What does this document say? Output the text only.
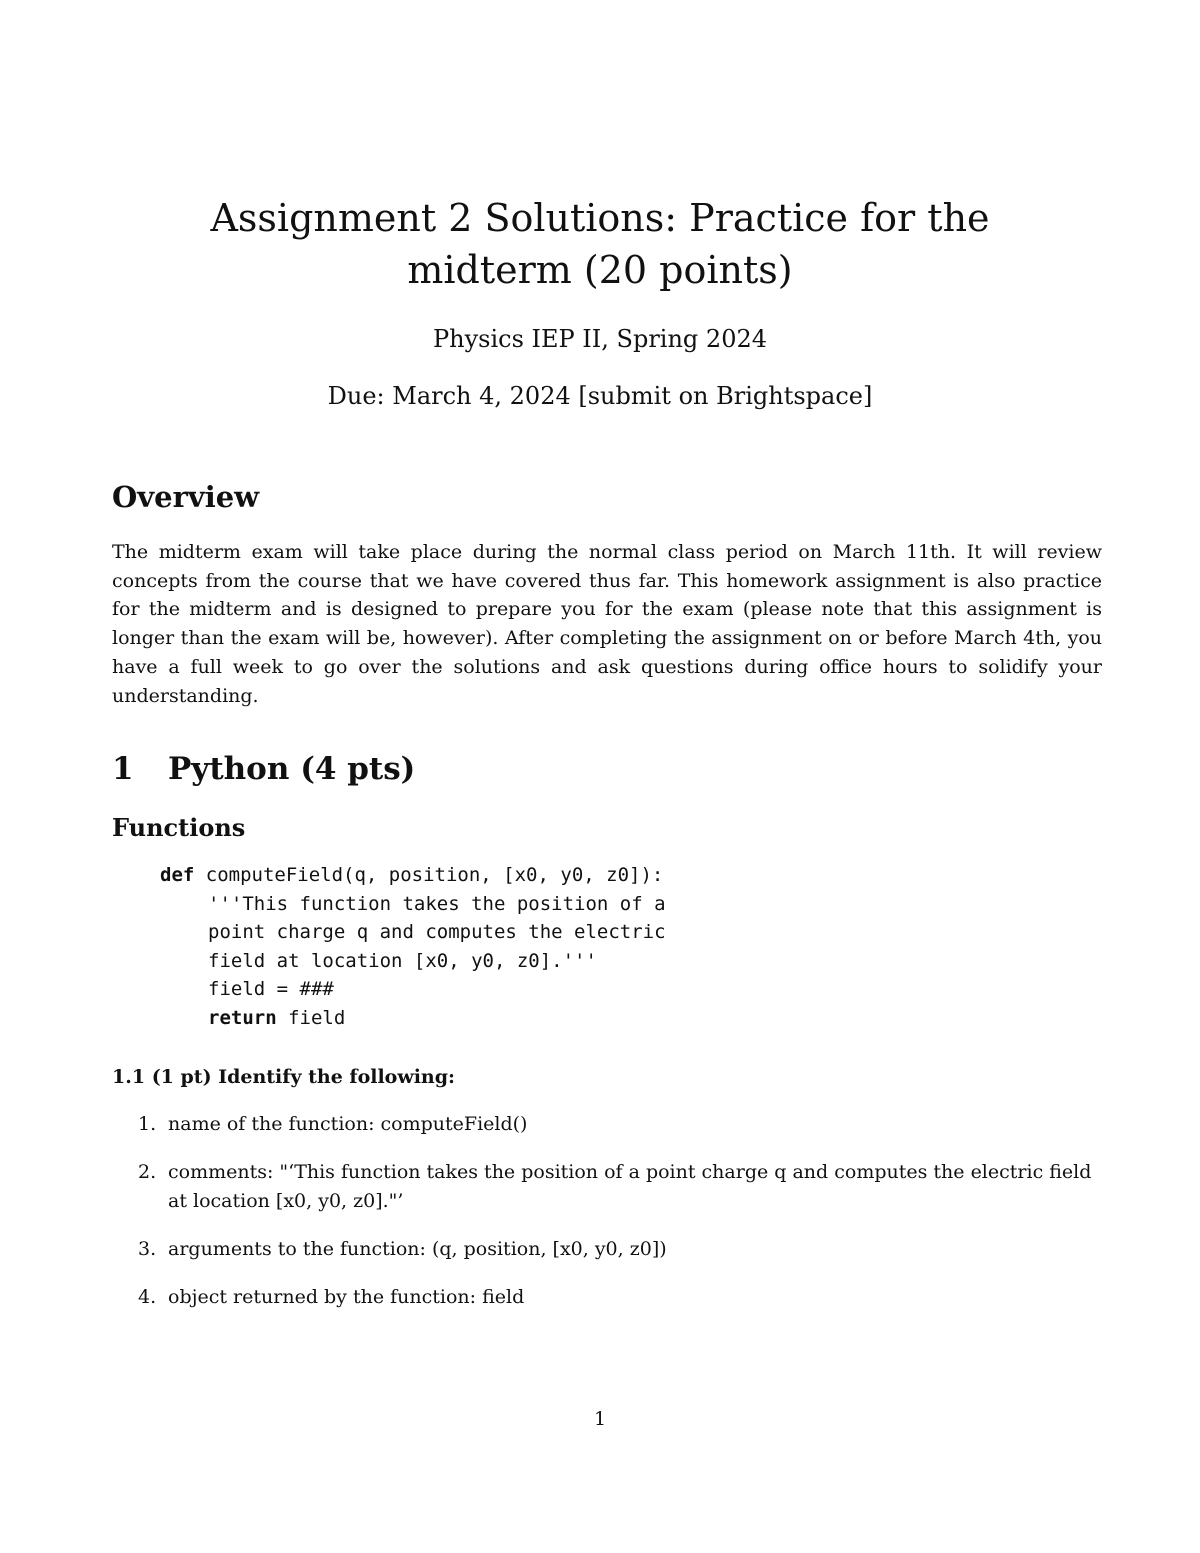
Assignment 2 Solutions: Practice for the midterm (20 points)

Physics IEP II, Spring 2024

Due: March 4, 2024 [submit on Brightspace]

Overview

The midterm exam will take place during the normal class period on March 11th. It will review concepts from the course that we have covered thus far. This homework assignment is also practice for the midterm and is designed to prepare you for the exam (please note that this assignment is longer than the exam will be, however). After completing the assignment on or before March 4th, you have a full week to go over the solutions and ask questions during office hours to solidify your understanding.

1 Python (4 pts)
Functions
def computeField(q, position, [x0, y0, z0]):
'''This function takes the position of a
point charge q and computes the electric
field at location [x0, y0, z0].'''
field = ###
return field
1.1 (1 pt) Identify the following:
1. name of the function: computeField()
2. comments: "‘This function takes the position of a point charge q and computes the electric field at location [x0, y0, z0]."’
3. arguments to the function: (q, position, [x0, y0, z0])
4. object returned by the function: field

1
